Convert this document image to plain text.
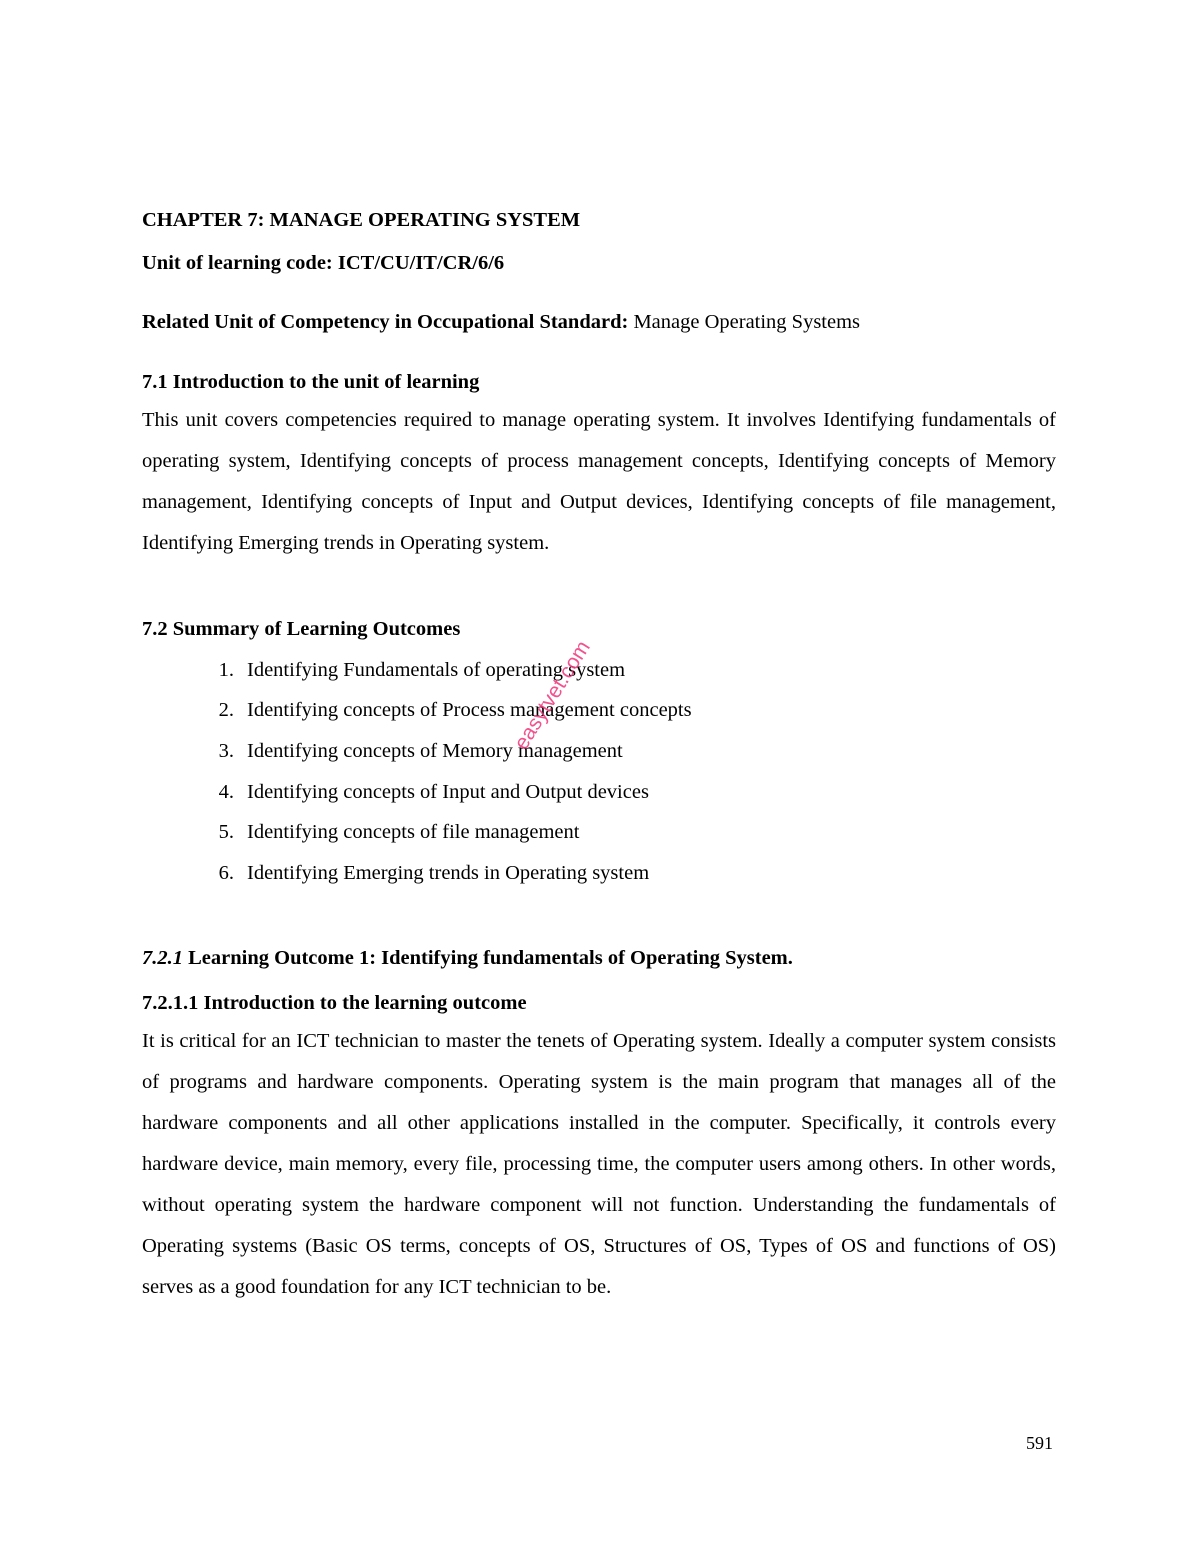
CHAPTER 7: MANAGE OPERATING SYSTEM
Unit of learning code: ICT/CU/IT/CR/6/6
Related Unit of Competency in Occupational Standard: Manage Operating Systems
7.1 Introduction to the unit of learning
This unit covers competencies required to manage operating system. It involves Identifying fundamentals of operating system, Identifying concepts of process management concepts, Identifying concepts of Memory management, Identifying concepts of Input and Output devices, Identifying concepts of file management, Identifying Emerging trends in Operating system.
7.2 Summary of Learning Outcomes
1. Identifying Fundamentals of operating system
2. Identifying concepts of Process management concepts
3. Identifying concepts of Memory management
4. Identifying concepts of Input and Output devices
5. Identifying concepts of file management
6. Identifying Emerging trends in Operating system
7.2.1 Learning Outcome 1: Identifying fundamentals of Operating System.
7.2.1.1 Introduction to the learning outcome
It is critical for an ICT technician to master the tenets of Operating system. Ideally a computer system consists of programs and hardware components. Operating system is the main program that manages all of the hardware components and all other applications installed in the computer. Specifically, it controls every hardware device, main memory, every file, processing time, the computer users among others. In other words, without operating system the hardware component will not function. Understanding the fundamentals of Operating systems (Basic OS terms, concepts of OS, Structures of OS, Types of OS and functions of OS) serves as a good foundation for any ICT technician to be.
easytvet.com
591
